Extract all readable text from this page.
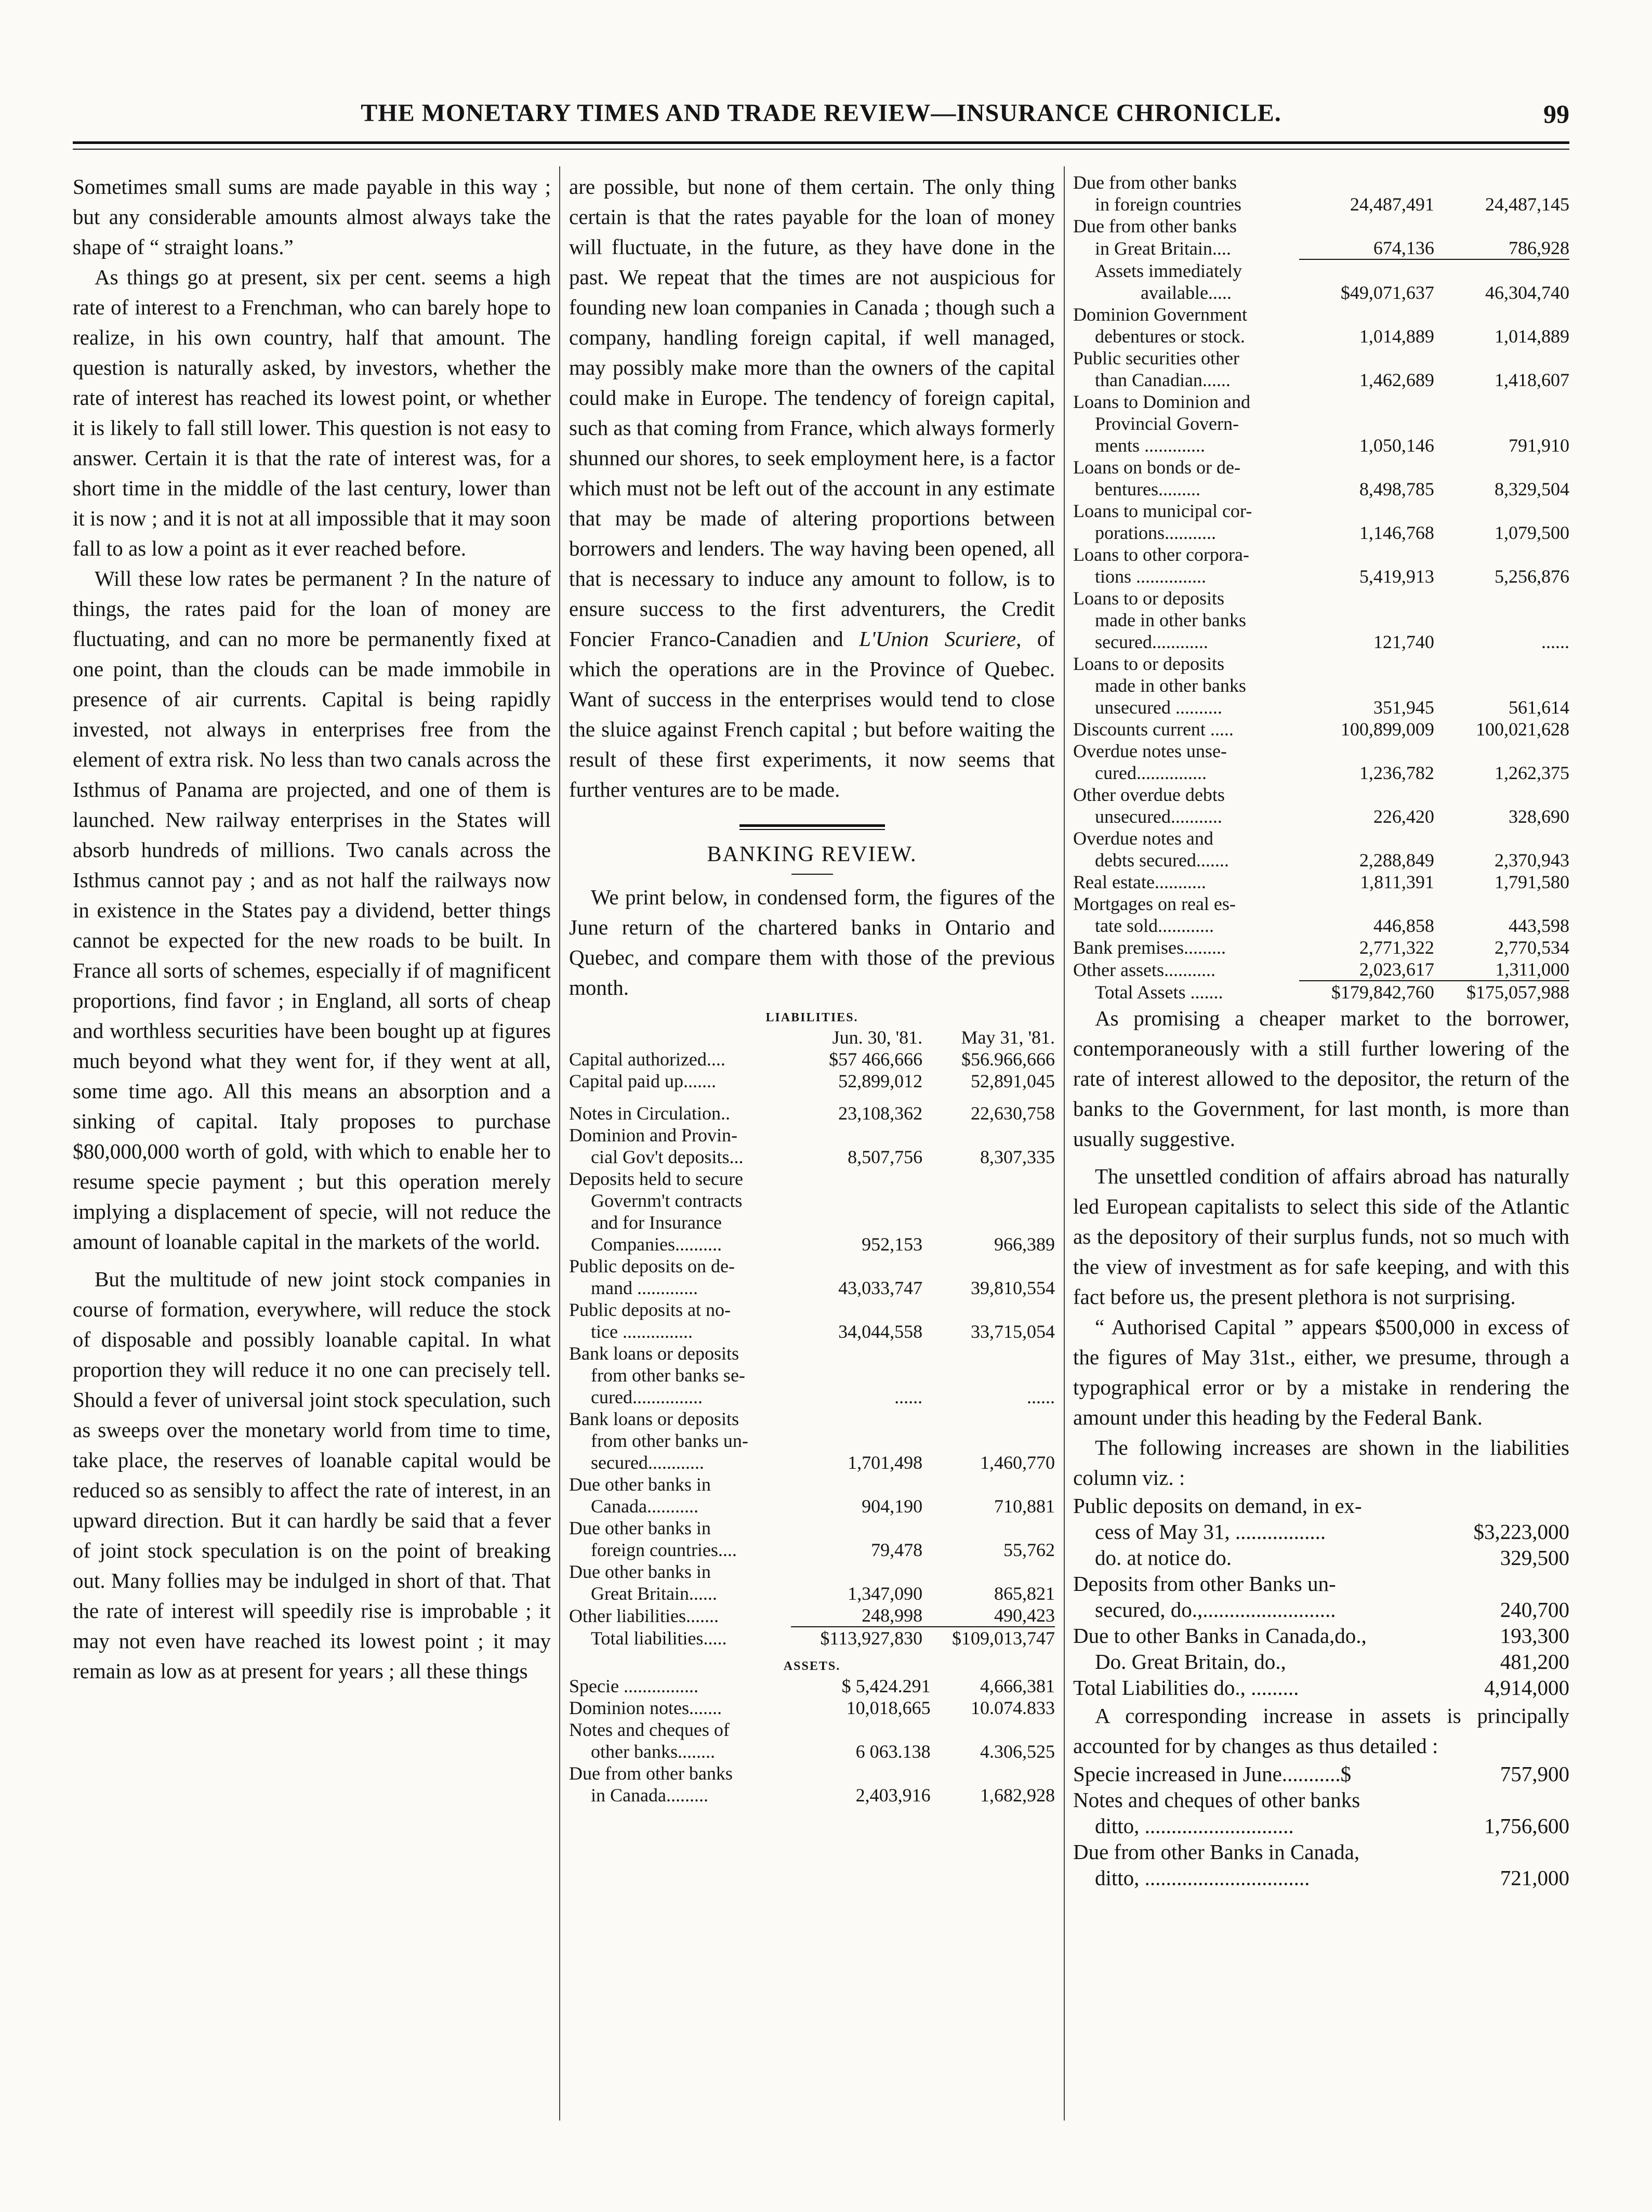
THE MONETARY TIMES AND TRADE REVIEW—INSURANCE CHRONICLE.	99

Sometimes small sums are made payable in this way ; but any considerable amounts almost always take the shape of “ straight loans.”

As things go at present, six per cent. seems a high rate of interest to a Frenchman, who can barely hope to realize, in his own country, half that amount. The question is naturally asked, by investors, whether the rate of interest has reached its lowest point, or whether it is likely to fall still lower. This question is not easy to answer. Certain it is that the rate of interest was, for a short time in the middle of the last century, lower than it is now ; and it is not at all impossible that it may soon fall to as low a point as it ever reached before.

Will these low rates be permanent ? In the nature of things, the rates paid for the loan of money are fluctuating, and can no more be permanently fixed at one point, than the clouds can be made immobile in presence of air currents. Capital is being rapidly invested, not always in enterprises free from the element of extra risk. No less than two canals across the Isthmus of Panama are projected, and one of them is launched. New railway enterprises in the States will absorb hundreds of millions. Two canals across the Isthmus cannot pay ; and as not half the railways now in existence in the States pay a dividend, better things cannot be expected for the new roads to be built. In France all sorts of schemes, especially if of magnificent proportions, find favor ; in England, all sorts of cheap and worthless securities have been bought up at figures much beyond what they went for, if they went at all, some time ago. All this means an absorption and a sinking of capital. Italy proposes to purchase $80,000,000 worth of gold, with which to enable her to resume specie payment ; but this operation merely implying a displacement of specie, will not reduce the amount of loanable capital in the markets of the world.

But the multitude of new joint stock companies in course of formation, everywhere, will reduce the stock of disposable and possibly loanable capital. In what proportion they will reduce it no one can precisely tell. Should a fever of universal joint stock speculation, such as sweeps over the monetary world from time to time, take place, the reserves of loanable capital would be reduced so as sensibly to affect the rate of interest, in an upward direction. But it can hardly be said that a fever of joint stock speculation is on the point of breaking out. Many follies may be indulged in short of that. That the rate of interest will speedily rise is improbable ; it may not even have reached its lowest point ; it may remain as low as at present for years ; all these things

are possible, but none of them certain. The only thing certain is that the rates payable for the loan of money will fluctuate, in the future, as they have done in the past. We repeat that the times are not auspicious for founding new loan companies in Canada ; though such a company, handling foreign capital, if well managed, may possibly make more than the owners of the capital could make in Europe. The tendency of foreign capital, such as that coming from France, which always formerly shunned our shores, to seek employment here, is a factor which must not be left out of the account in any estimate that may be made of altering proportions between borrowers and lenders. The way having been opened, all that is necessary to induce any amount to follow, is to ensure success to the first adventurers, the Credit Foncier Franco-Canadien and L'Union Scuriere, of which the operations are in the Province of Quebec. Want of success in the enterprises would tend to close the sluice against French capital ; but before waiting the result of these first experiments, it now seems that further ventures are to be made.

BANKING REVIEW.

We print below, in condensed form, the figures of the June return of the chartered banks in Ontario and Quebec, and compare them with those of the previous month.

LIABILITIES.
	Jun. 30, '81.	May 31, '81.
Capital authorized....	$57 466,666	$56.966,666
Capital paid up.......	52,899,012	52,891,045

Notes in Circulation..	23,108,362	22,630,758
Dominion and Provin-		
cial Gov't deposits...	8,507,756	8,307,335
Deposits held to secure		
Governm't contracts		
and for Insurance		
Companies..........	952,153	966,389
Public deposits on de-		
mand .............	43,033,747	39,810,554
Public deposits at no-		
tice ...............	34,044,558	33,715,054
Bank loans or deposits		
from other banks se-		
cured...............	......	......
Bank loans or deposits		
from other banks un-		
secured............	1,701,498	1,460,770
Due other banks in		
Canada...........	904,190	710,881
Due other banks in		
foreign countries....	79,478	55,762
Due other banks in		
Great Britain......	1,347,090	865,821
Other liabilities.......	248,998	490,423

Total liabilities.....	$113,927,830	$109,013,747
ASSETS.
Specie ................	$ 5,424.291	4,666,381
Dominion notes.......	10,018,665	10.074.833
Notes and cheques of		
other banks........	6 063.138	4.306,525
Due from other banks		
in Canada.........	2,403,916	1,682,928
Due from other banks		
in foreign countries	24,487,491	24,487,145
Due from other banks		
in Great Britain....	674,136	786,928

Assets immediately		
available.....	$49,071,637	46,304,740
Dominion Government		
debentures or stock.	1,014,889	1,014,889
Public securities other		
than Canadian......	1,462,689	1,418,607
Loans to Dominion and		
Provincial Govern-		
ments .............	1,050,146	791,910
Loans on bonds or de-		
bentures.........	8,498,785	8,329,504
Loans to municipal cor-		
porations...........	1,146,768	1,079,500
Loans to other corpora-		
tions ...............	5,419,913	5,256,876
Loans to or deposits		
made in other banks		
secured............	121,740	......
Loans to or deposits		
made in other banks		
unsecured ..........	351,945	561,614
Discounts current .....	100,899,009	100,021,628
Overdue notes unse-		
cured...............	1,236,782	1,262,375
Other overdue debts		
unsecured...........	226,420	328,690
Overdue notes and		
debts secured.......	2,288,849	2,370,943
Real estate...........	1,811,391	1,791,580
Mortgages on real es-		
tate sold............	446,858	443,598
Bank premises.........	2,771,322	2,770,534
Other assets...........	2,023,617	1,311,000

Total Assets .......	$179,842,760	$175,057,988

As promising a cheaper market to the borrower, contemporaneously with a still further lowering of the rate of interest allowed to the depositor, the return of the banks to the Government, for last month, is more than usually suggestive.

The unsettled condition of affairs abroad has naturally led European capitalists to select this side of the Atlantic as the depository of their surplus funds, not so much with the view of investment as for safe keeping, and with this fact before us, the present plethora is not surprising.

“ Authorised Capital ” appears $500,000 in excess of the figures of May 31st., either, we presume, through a typographical error or by a mistake in rendering the amount under this heading by the Federal Bank.

The following increases are shown in the liabilities column viz. :

Public deposits on demand, in ex-	
cess of May 31, .................	$3,223,000
do. at notice do.	329,500
Deposits from other Banks un-	
secured, do.,.........................	240,700
Due to other Banks in Canada,do.,	193,300
Do. Great Britain, do.,	481,200
Total Liabilities do., .........	4,914,000

A corresponding increase in assets is principally accounted for by changes as thus detailed :

Specie increased in June...........$	757,900
Notes and cheques of other banks	
ditto, ............................	1,756,600
Due from other Banks in Canada,	
ditto, ...............................	721,000
